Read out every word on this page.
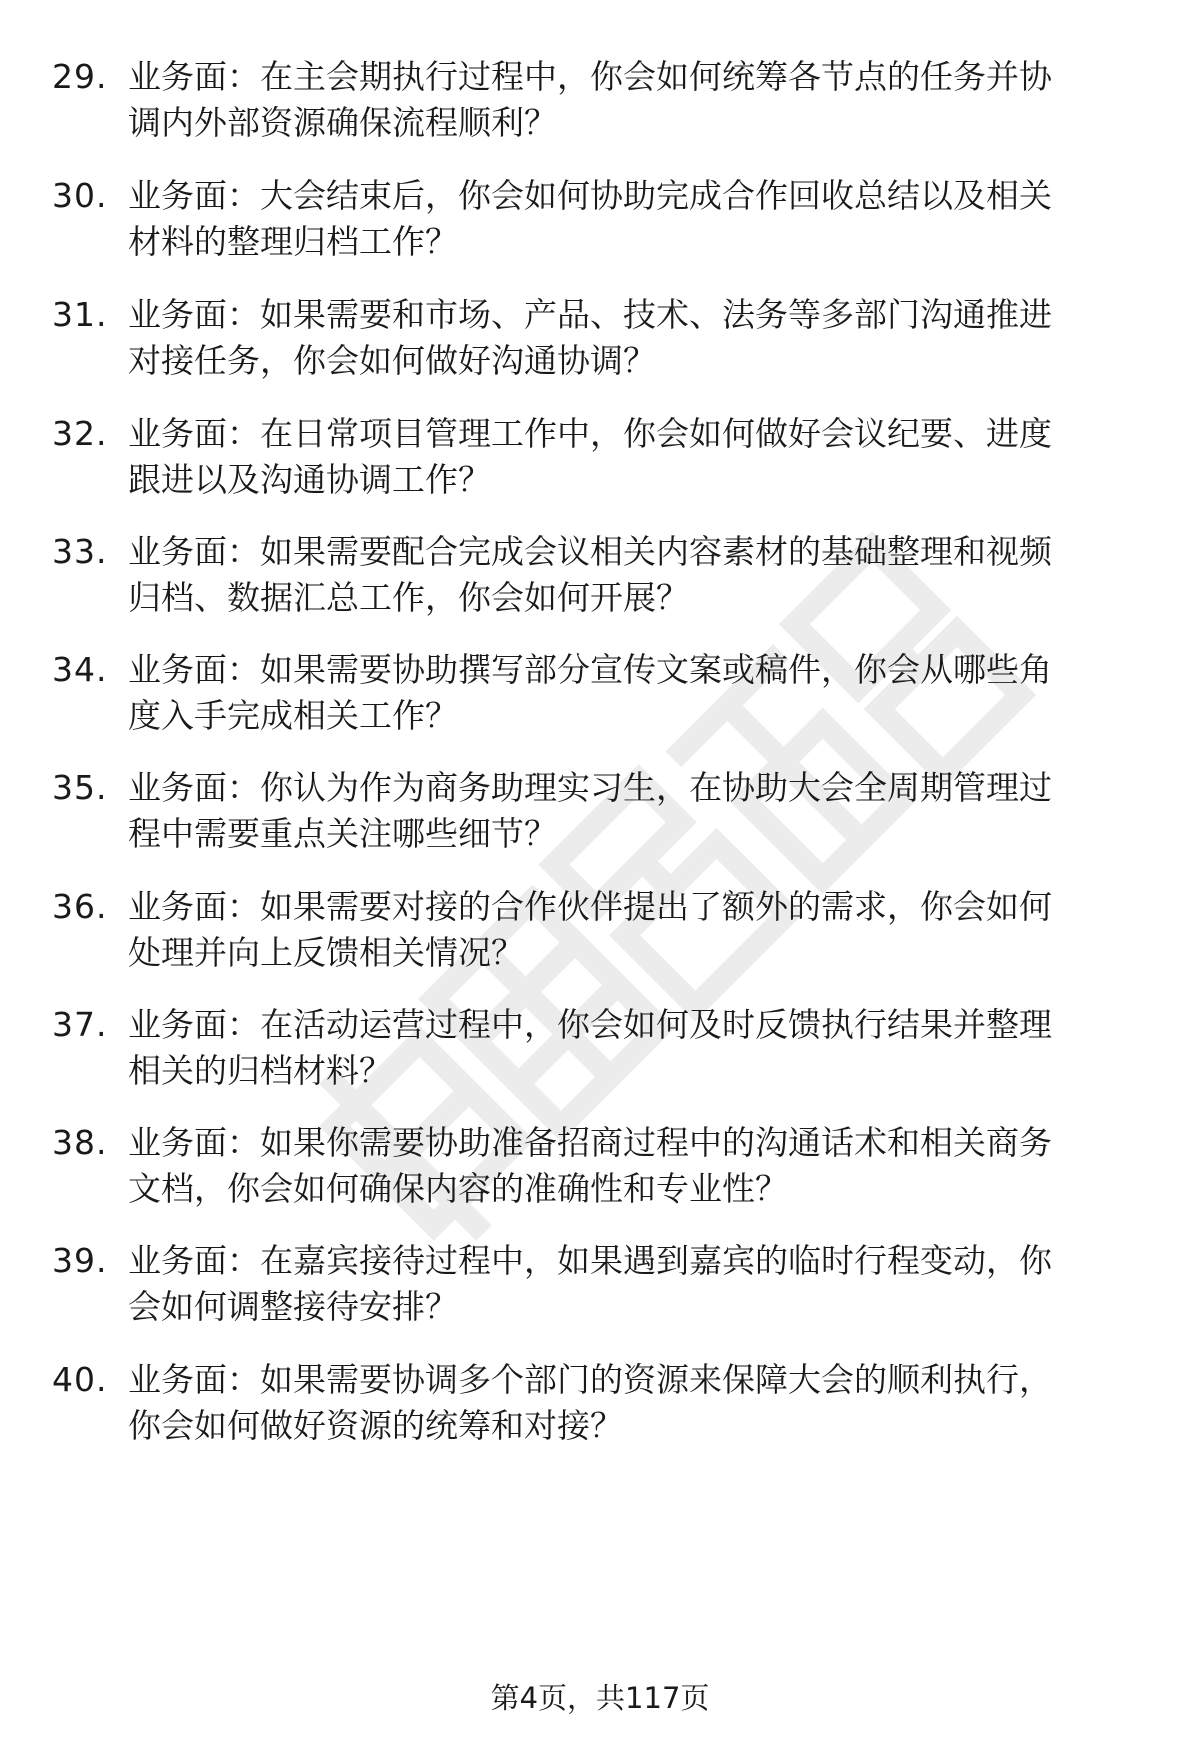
29. 业务面：在主会期执行过程中，你会如何统筹各节点的任务并协
调内外部资源确保流程顺利？
30. 业务面：大会结束后，你会如何协助完成合作回收总结以及相关
材料的整理归档工作？
31. 业务面：如果需要和市场、产品、技术、法务等多部门沟通推进
对接任务，你会如何做好沟通协调？
32. 业务面：在日常项目管理工作中，你会如何做好会议纪要、进度
跟进以及沟通协调工作？
33. 业务面：如果需要配合完成会议相关内容素材的基础整理和视频
归档、数据汇总工作，你会如何开展？
34. 业务面：如果需要协助撰写部分宣传文案或稿件，你会从哪些角
度入手完成相关工作？
35. 业务面：你认为作为商务助理实习生，在协助大会全周期管理过
程中需要重点关注哪些细节？
36. 业务面：如果需要对接的合作伙伴提出了额外的需求，你会如何
处理并向上反馈相关情况？
37. 业务面：在活动运营过程中，你会如何及时反馈执行结果并整理
相关的归档材料？
38. 业务面：如果你需要协助准备招商过程中的沟通话术和相关商务
文档，你会如何确保内容的准确性和专业性？
39. 业务面：在嘉宾接待过程中，如果遇到嘉宾的临时行程变动，你
会如何调整接待安排？
40. 业务面：如果需要协调多个部门的资源来保障大会的顺利执行，
你会如何做好资源的统筹和对接？
第4页，共117页
